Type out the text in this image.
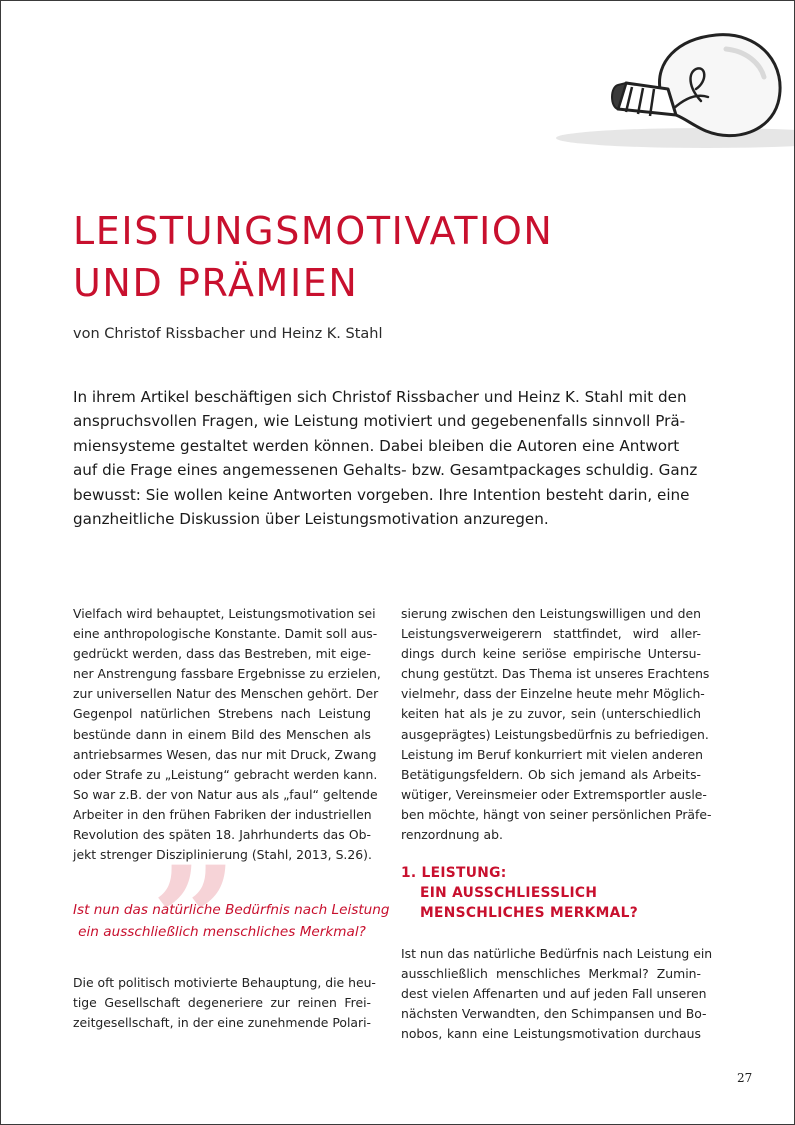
LEISTUNGSMOTIVATION
UND PRÄMIEN
von Christof Rissbacher und Heinz K. Stahl

In ihrem Artikel beschäftigen sich Christof Rissbacher und Heinz K. Stahl mit den
anspruchsvollen Fragen, wie Leistung motiviert und gegebenenfalls sinnvoll Prä-
miensysteme gestaltet werden können. Dabei bleiben die Autoren eine Antwort
auf die Frage eines angemessenen Gehalts- bzw. Gesamtpackages schuldig. Ganz
bewusst: Sie wollen keine Antworten vorgeben. Ihre Intention besteht darin, eine
ganzheitliche Diskussion über Leistungsmotivation anzuregen.

Vielfach wird behauptet, Leistungsmotivation sei
eine anthropologische Konstante. Damit soll aus-
gedrückt werden, dass das Bestreben, mit eige-
ner Anstrengung fassbare Ergebnisse zu erzielen,
zur universellen Natur des Menschen gehört. Der
Gegenpol natürlichen Strebens nach Leistung
bestünde dann in einem Bild des Menschen als
antriebsarmes Wesen, das nur mit Druck, Zwang
oder Strafe zu „Leistung“ gebracht werden kann.
So war z.B. der von Natur aus als „faul“ geltende
Arbeiter in den frühen Fabriken der industriellen
Revolution des späten 18. Jahrhunderts das Ob-
jekt strenger Disziplinierung (Stahl, 2013, S.26).
”
Ist nun das natürliche Bedürfnis nach Leistung
ein ausschließlich menschliches Merkmal?
Die oft politisch motivierte Behauptung, die heu-
tige Gesellschaft degeneriere zur reinen Frei-
zeitgesellschaft, in der eine zunehmende Polari-
sierung zwischen den Leistungswilligen und den
Leistungsverweigerern stattfindet, wird aller-
dings durch keine seriöse empirische Untersu-
chung gestützt. Das Thema ist unseres Erachtens
vielmehr, dass der Einzelne heute mehr Möglich-
keiten hat als je zu zuvor, sein (unterschiedlich
ausgeprägtes) Leistungsbedürfnis zu befriedigen.
Leistung im Beruf konkurriert mit vielen anderen
Betätigungsfeldern. Ob sich jemand als Arbeits-
wütiger, Vereinsmeier oder Extremsportler ausle-
ben möchte, hängt von seiner persönlichen Präfe-
renzordnung ab.
1. LEISTUNG:
EIN AUSSCHLIESSLICH
MENSCHLICHES MERKMAL?
Ist nun das natürliche Bedürfnis nach Leistung ein
ausschließlich menschliches Merkmal? Zumin-
dest vielen Affenarten und auf jeden Fall unseren
nächsten Verwandten, den Schimpansen und Bo-
nobos, kann eine Leistungsmotivation durchaus
27
